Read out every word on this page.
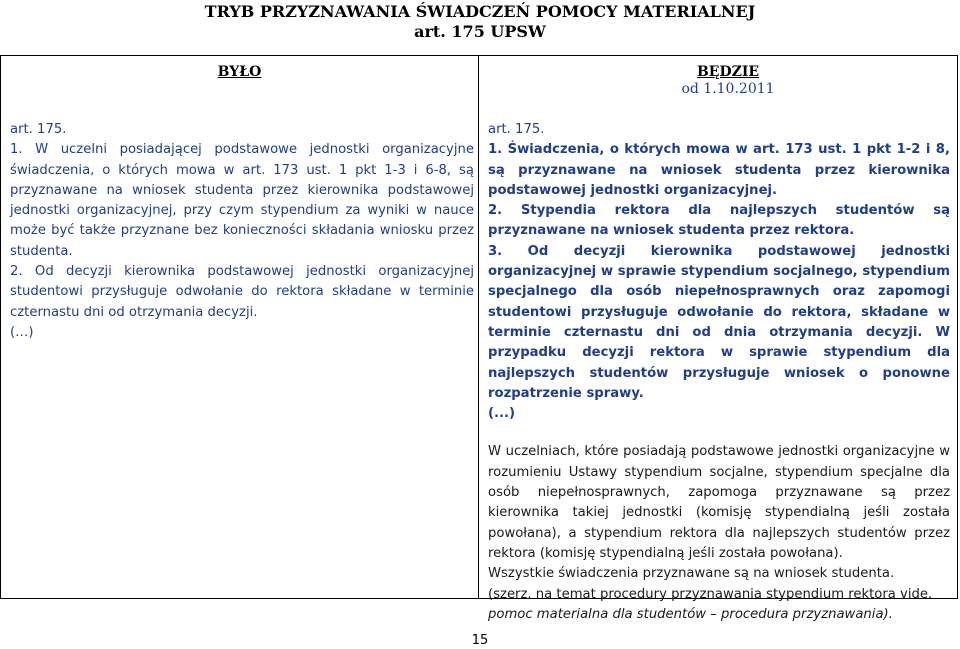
TRYB PRZYZNAWANIA ŚWIADCZEŃ POMOCY MATERIALNEJ
art. 175 UPSW
BYŁO

art. 175.

1. W uczelni posiadającej podstawowe jednostki organizacyjne świadczenia, o których mowa w art. 173 ust. 1 pkt 1-3 i 6-8, są przyznawane na wniosek studenta przez kierownika podstawowej jednostki organizacyjnej, przy czym stypendium za wyniki w nauce może być także przyznane bez konieczności składania wniosku przez studenta.

2. Od decyzji kierownika podstawowej jednostki organizacyjnej studentowi przysługuje odwołanie do rektora składane w terminie czternastu dni od otrzymania decyzji.

(…)

BĘDZIE
od 1.10.2011

art. 175.

1. Świadczenia, o których mowa w art. 173 ust. 1 pkt 1-2 i 8, są przyznawane na wniosek studenta przez kierownika podstawowej jednostki organizacyjnej.

2. Stypendia rektora dla najlepszych studentów są przyznawane na wniosek studenta przez rektora.

3. Od decyzji kierownika podstawowej jednostki organizacyjnej w sprawie stypendium socjalnego, stypendium specjalnego dla osób niepełnosprawnych oraz zapomogi studentowi przysługuje odwołanie do rektora, składane w terminie czternastu dni od dnia otrzymania decyzji. W przypadku decyzji rektora w sprawie stypendium dla najlepszych studentów przysługuje wniosek o ponowne rozpatrzenie sprawy.

(...)

W uczelniach, które posiadają podstawowe jednostki organizacyjne w rozumieniu Ustawy stypendium socjalne, stypendium specjalne dla osób niepełnosprawnych, zapomoga przyznawane są przez kierownika takiej jednostki (komisję stypendialną jeśli została powołana), a stypendium rektora dla najlepszych studentów przez rektora (komisję stypendialną jeśli została powołana).

Wszystkie świadczenia przyznawane są na wniosek studenta.

(szerz. na temat procedury przyznawania stypendium rektora vide.

pomoc materialna dla studentów – procedura przyznawania).

15
